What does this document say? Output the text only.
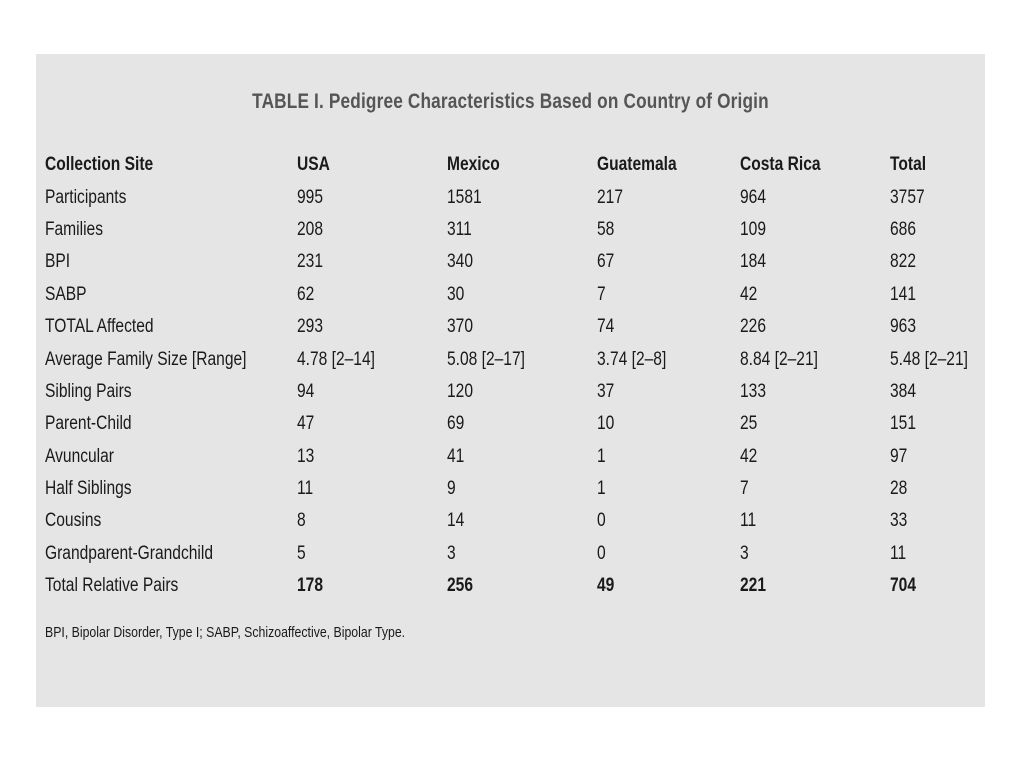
TABLE I. Pedigree Characteristics Based on Country of Origin
Collection Site	USA	Mexico	Guatemala	Costa Rica	Total
Participants	995	1581	217	964	3757
Families	208	311	58	109	686
BPI	231	340	67	184	822
SABP	62	30	7	42	141
TOTAL Affected	293	370	74	226	963
Average Family Size [Range]	4.78 [2–14]	5.08 [2–17]	3.74 [2–8]	8.84 [2–21]	5.48 [2–21]
Sibling Pairs	94	120	37	133	384
Parent-Child	47	69	10	25	151
Avuncular	13	41	1	42	97
Half Siblings	11	9	1	7	28
Cousins	8	14	0	11	33
Grandparent-Grandchild	5	3	0	3	11
Total Relative Pairs	178	256	49	221	704
BPI, Bipolar Disorder, Type I; SABP, Schizoaffective, Bipolar Type.
